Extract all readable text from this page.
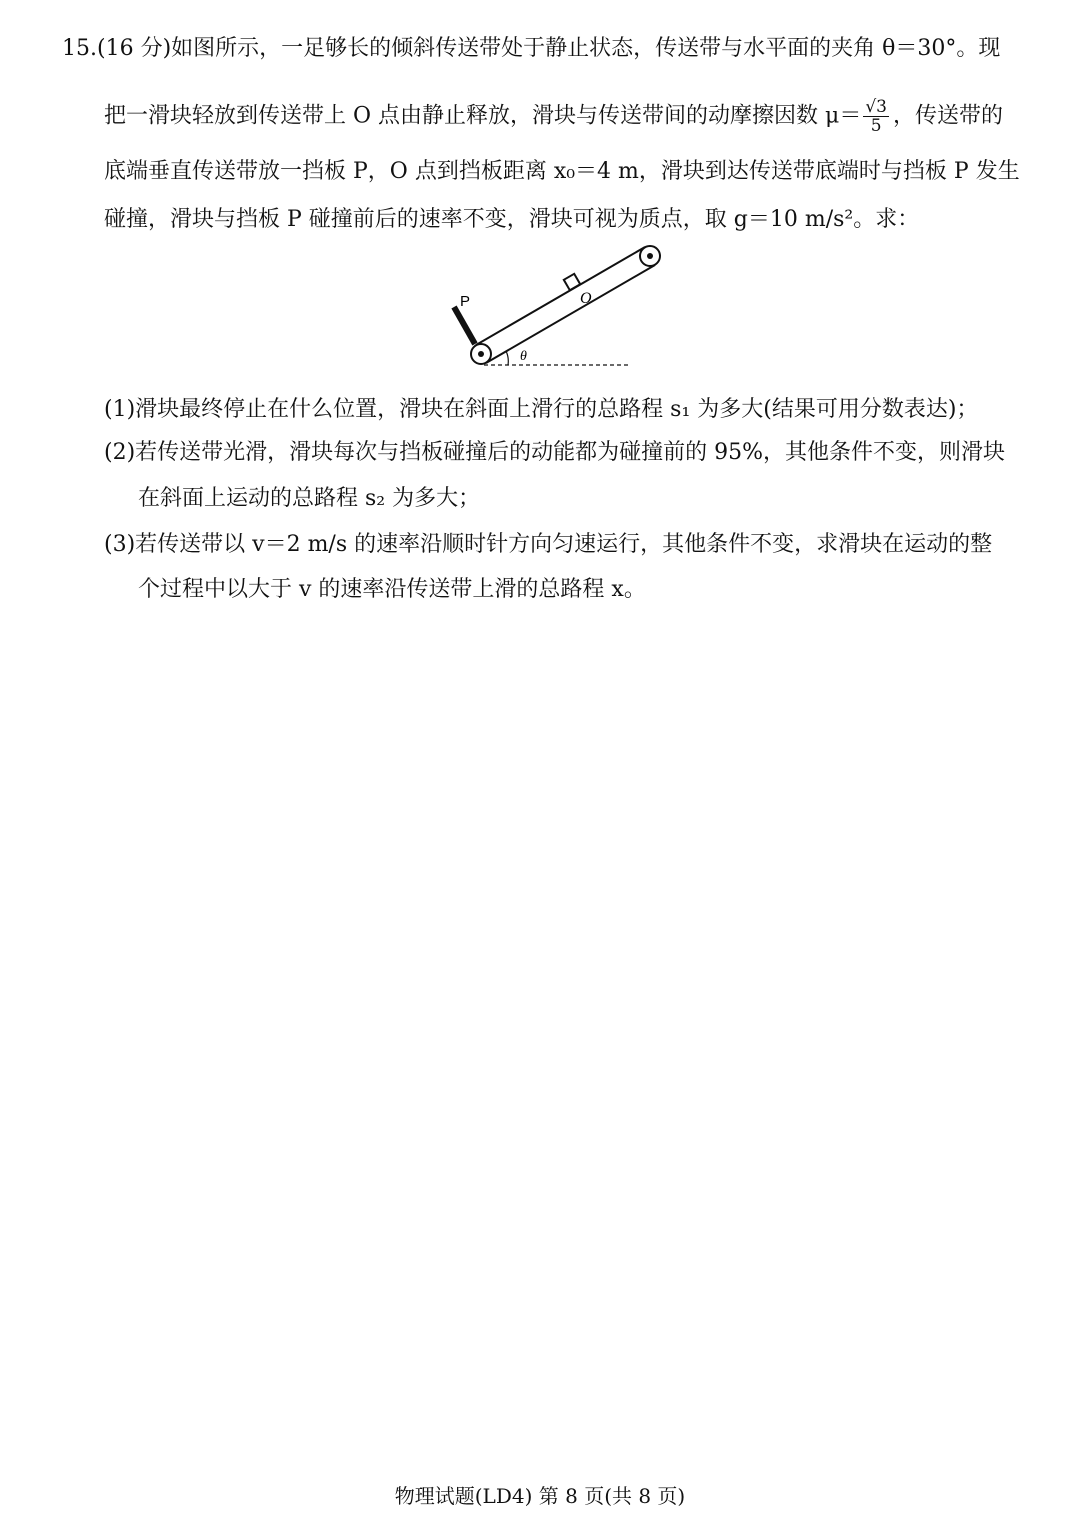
15.(16 分)如图所示，一足够长的倾斜传送带处于静止状态，传送带与水平面的夹角 θ＝30°。现
把一滑块轻放到传送带上 O 点由静止释放，滑块与传送带间的动摩擦因数 $\mu= \frac{√3}{5}$ ，传送带的
底端垂直传送带放一挡板 P，O 点到挡板距离 x₀＝4 m，滑块到达传送带底端时与挡板 P 发生
碰撞，滑块与挡板 P 碰撞前后的速率不变，滑块可视为质点，取 g＝10 m/s²。求：
P	O
θ
(1)滑块最终停止在什么位置，滑块在斜面上滑行的总路程 s₁ 为多大(结果可用分数表达)；
(2)若传送带光滑，滑块每次与挡板碰撞后的动能都为碰撞前的 95%，其他条件不变，则滑块
在斜面上运动的总路程 s₂ 为多大；
(3)若传送带以 v＝2 m/s 的速率沿顺时针方向匀速运行，其他条件不变，求滑块在运动的整
个过程中以大于 v 的速率沿传送带上滑的总路程 x。
物理试题(LD4) 第 8 页(共 8 页)
